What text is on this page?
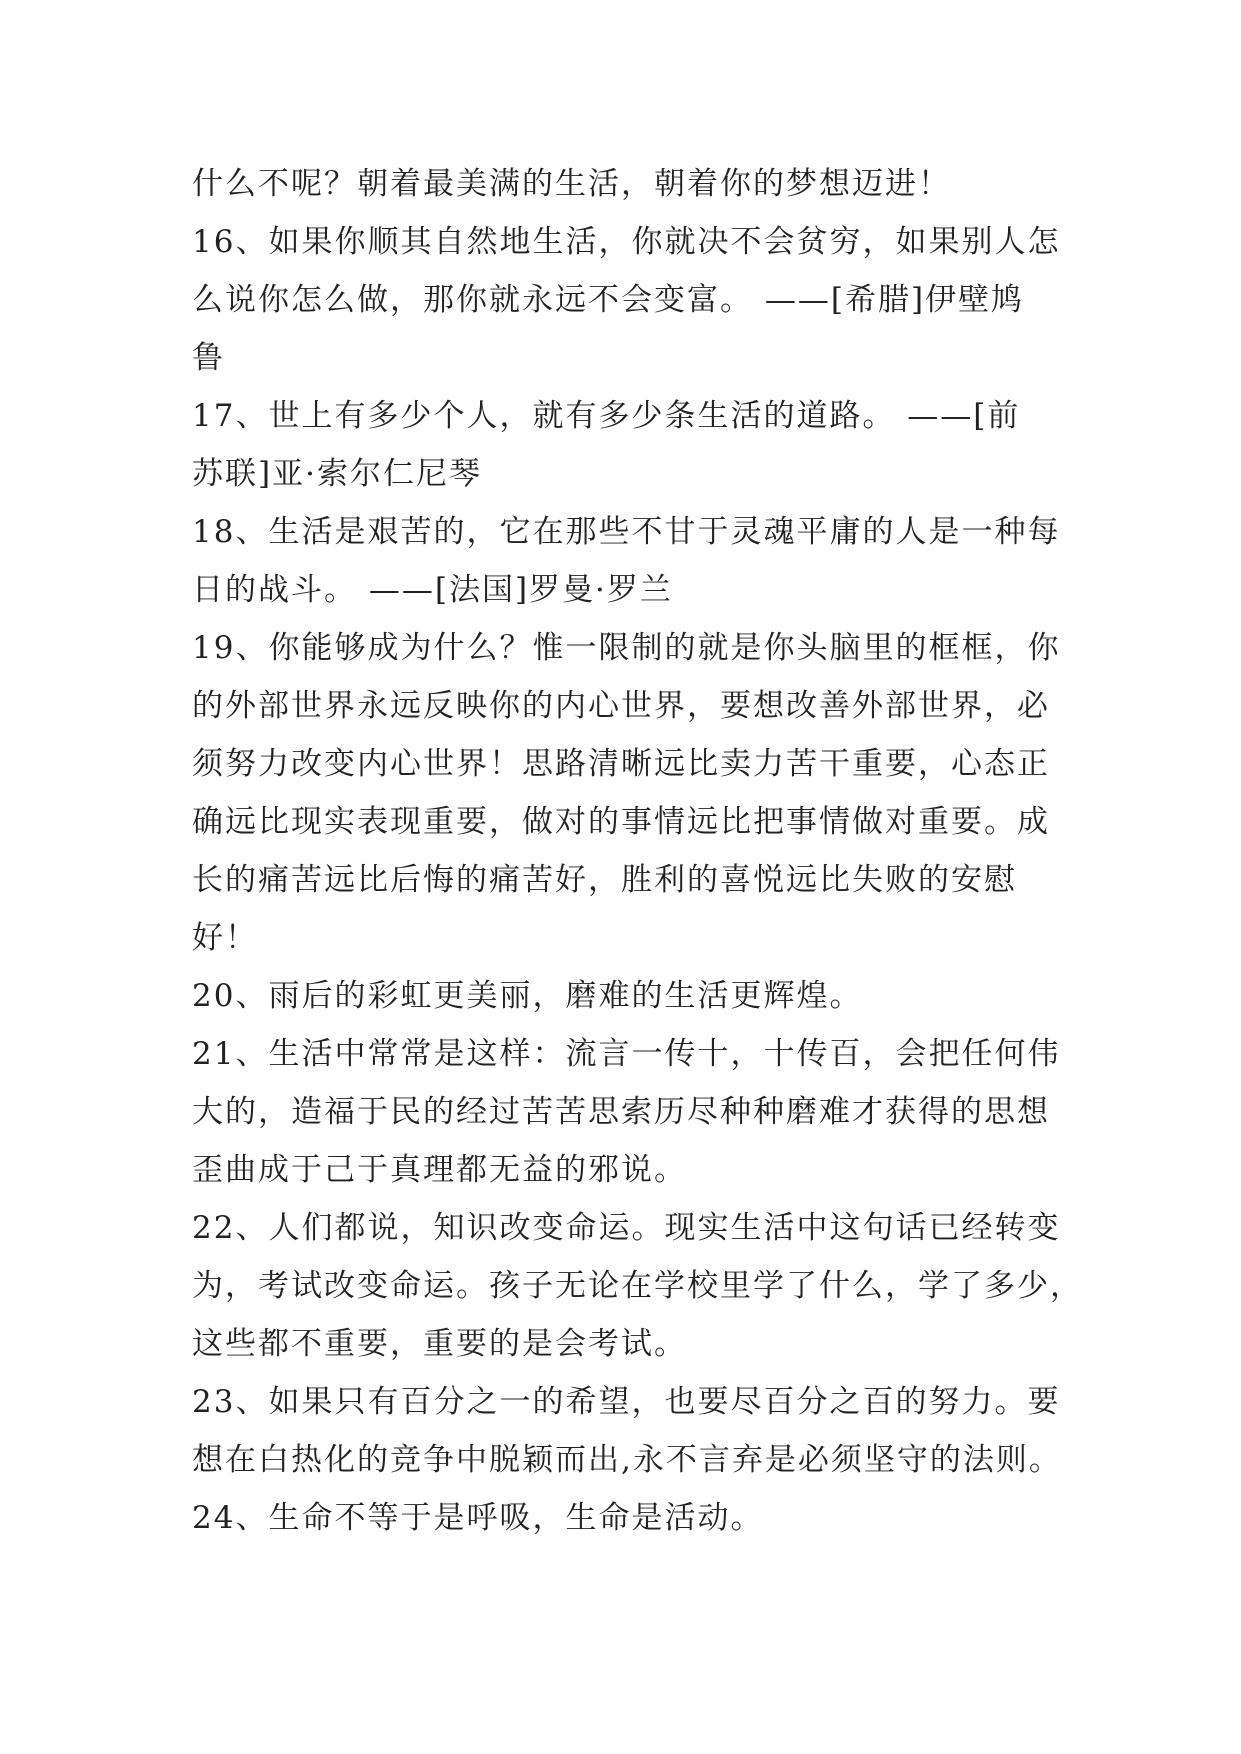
什么不呢？朝着最美满的生活，朝着你的梦想迈进！
16、如果你顺其自然地生活，你就决不会贫穷，如果别人怎
么说你怎么做，那你就永远不会变富。 ——[希腊]伊壁鸠
鲁
17、世上有多少个人，就有多少条生活的道路。 ——[前
苏联]亚·索尔仁尼琴
18、生活是艰苦的，它在那些不甘于灵魂平庸的人是一种每
日的战斗。 ——[法国]罗曼·罗兰
19、你能够成为什么？惟一限制的就是你头脑里的框框，你
的外部世界永远反映你的内心世界，要想改善外部世界，必
须努力改变内心世界！思路清晰远比卖力苦干重要，心态正
确远比现实表现重要，做对的事情远比把事情做对重要。成
长的痛苦远比后悔的痛苦好，胜利的喜悦远比失败的安慰
好！
20、雨后的彩虹更美丽，磨难的生活更辉煌。
21、生活中常常是这样：流言一传十，十传百，会把任何伟
大的，造福于民的经过苦苦思索历尽种种磨难才获得的思想
歪曲成于己于真理都无益的邪说。
22、人们都说，知识改变命运。现实生活中这句话已经转变
为，考试改变命运。孩子无论在学校里学了什么，学了多少，
这些都不重要，重要的是会考试。
23、如果只有百分之一的希望，也要尽百分之百的努力。要
想在白热化的竞争中脱颖而出,永不言弃是必须坚守的法则。
24、生命不等于是呼吸，生命是活动。
